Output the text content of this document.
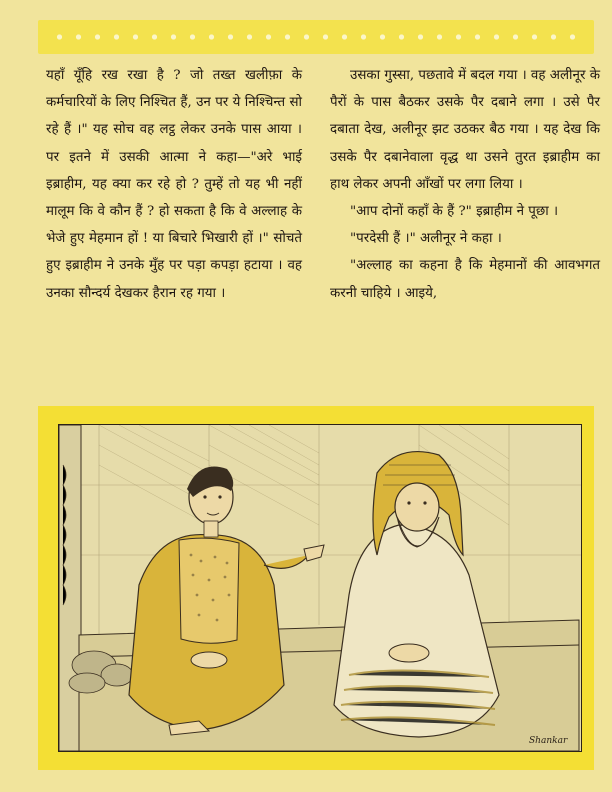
यहाँ यूँहि रख रखा है ? जो तख्त खलीफ़ा के कर्मचारियों के लिए निश्चित हैं, उन पर ये निश्चिन्त सो रहे हैं ।" यह सोच वह लट्ठ लेकर उनके पास आया । पर इतने में उसकी आत्मा ने कहा—"अरे भाई इब्राहीम, यह क्या कर रहे हो ? तुम्हें तो यह भी नहीं मालूम कि वे कौन हैं ? हो सकता है कि वे अल्लाह के भेजे हुए मेहमान हों ! या बिचारे भिखारी हों ।" सोचते हुए इब्राहीम ने उनके मुँह पर पड़ा कपड़ा हटाया । वह उनका सौन्दर्य देखकर हैरान रह गया ।

उसका गुस्सा, पछतावे में बदल गया । वह अलीनूर के पैरों के पास बैठकर उसके पैर दबाने लगा । उसे पैर दबाता देख, अलीनूर झट उठकर बैठ गया । यह देख कि उसके पैर दबानेवाला वृद्ध था उसने तुरत इब्राहीम का हाथ लेकर अपनी आँखों पर लगा लिया ।

"आप दोनों कहाँ के हैं ?" इब्राहीम ने पूछा ।

"परदेसी हैं ।" अलीनूर ने कहा ।

"अल्लाह का कहना है कि मेहमानों की आवभगत करनी चाहिये । आइये,

Shankar
